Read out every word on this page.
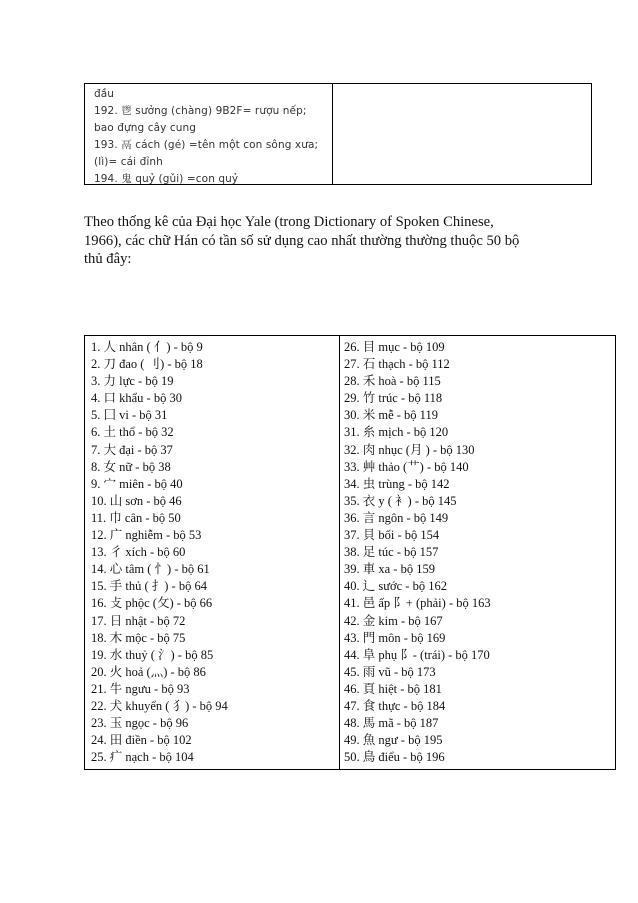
đầu
192. 鬯 sưởng (chàng) 9B2F= rượu nếp;
bao đựng cây cung
193. 鬲 cách (gé) =tên một con sông xưa;
(lì)= cái đỉnh
194. 鬼 quỷ (gǔi) =con quỷ
Theo thống kê của Đại học Yale (trong Dictionary of Spoken Chinese,
1966), các chữ Hán có tần số sử dụng cao nhất thường thường thuộc 50 bộ
thủ đây:
1. 人 nhân ( 亻) - bộ 9
2. 刀 đao ( 刂) - bộ 18
3. 力 lực - bộ 19
4. 口 khẩu - bộ 30
5. 囗 vi - bộ 31
6. 土 thổ - bộ 32
7. 大 đại - bộ 37
8. 女 nữ - bộ 38
9. 宀 miên - bộ 40
10. 山 sơn - bộ 46
11. 巾 cân - bộ 50
12. 广 nghiễm - bộ 53
13. 彳 xích - bộ 60
14. 心 tâm ( 忄) - bộ 61
15. 手 thủ ( 扌) - bộ 64
16. 攴 phộc (攵) - bộ 66
17. 日 nhật - bộ 72
18. 木 mộc - bộ 75
19. 水 thuỷ ( 氵) - bộ 85
20. 火 hoả (灬) - bộ 86
21. 牛 ngưu - bộ 93
22. 犬 khuyển ( 犭) - bộ 94
23. 玉 ngọc - bộ 96
24. 田 điền - bộ 102
25. 疒 nạch - bộ 104
26. 目 mục - bộ 109
27. 石 thạch - bộ 112
28. 禾 hoà - bộ 115
29. 竹 trúc - bộ 118
30. 米 mễ - bộ 119
31. 糸 mịch - bộ 120
32. 肉 nhục (月 ) - bộ 130
33. 艸 thảo (艹) - bộ 140
34. 虫 trùng - bộ 142
35. 衣 y ( 衤) - bộ 145
36. 言 ngôn - bộ 149
37. 貝 bối - bộ 154
38. 足 túc - bộ 157
39. 車 xa - bộ 159
40. 辶 sước - bộ 162
41. 邑 ấp 阝+ (phải) - bộ 163
42. 金 kim - bộ 167
43. 門 môn - bộ 169
44. 阜 phụ 阝- (trái) - bộ 170
45. 雨 vũ - bộ 173
46. 頁 hiệt - bộ 181
47. 食 thực - bộ 184
48. 馬 mã - bộ 187
49. 魚 ngư - bộ 195
50. 鳥 điểu - bộ 196
